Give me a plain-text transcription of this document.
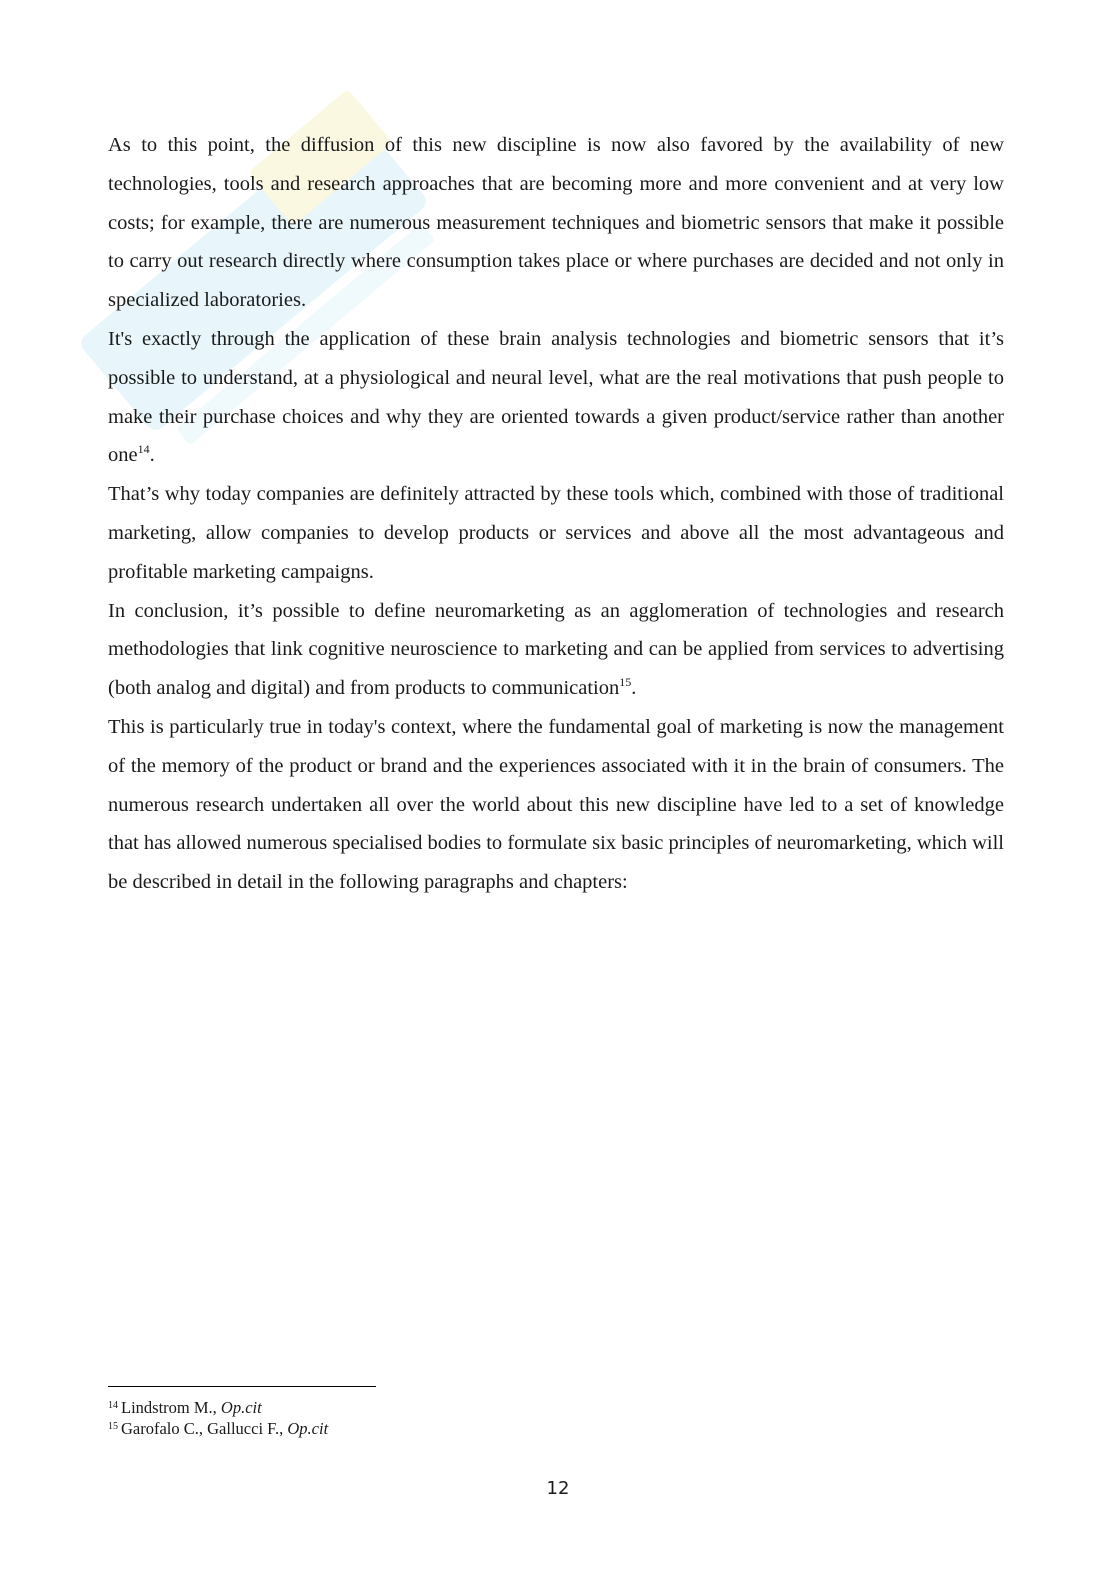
As to this point, the diffusion of this new discipline is now also favored by the availability of new technologies, tools and research approaches that are becoming more and more convenient and at very low costs; for example, there are numerous measurement techniques and biometric sensors that make it possible to carry out research directly where consumption takes place or where purchases are decided and not only in specialized laboratories.

It's exactly through the application of these brain analysis technologies and biometric sensors that it’s possible to understand, at a physiological and neural level, what are the real motivations that push people to make their purchase choices and why they are oriented towards a given product/service rather than another one$^{14}$.

That’s why today companies are definitely attracted by these tools which, combined with those of traditional marketing, allow companies to develop products or services and above all the most advantageous and profitable marketing campaigns.

In conclusion, it’s possible to define neuromarketing as an agglomeration of technologies and research methodologies that link cognitive neuroscience to marketing and can be applied from services to advertising (both analog and digital) and from products to communication$^{15}$.

This is particularly true in today's context, where the fundamental goal of marketing is now the management of the memory of the product or brand and the experiences associated with it in the brain of consumers. The numerous research undertaken all over the world about this new discipline have led to a set of knowledge that has allowed numerous specialised bodies to formulate six basic principles of neuromarketing, which will be described in detail in the following paragraphs and chapters:

$^{14}$ Lindstrom M., Op.cit
$^{15}$ Garofalo C., Gallucci F., Op.cit
12
